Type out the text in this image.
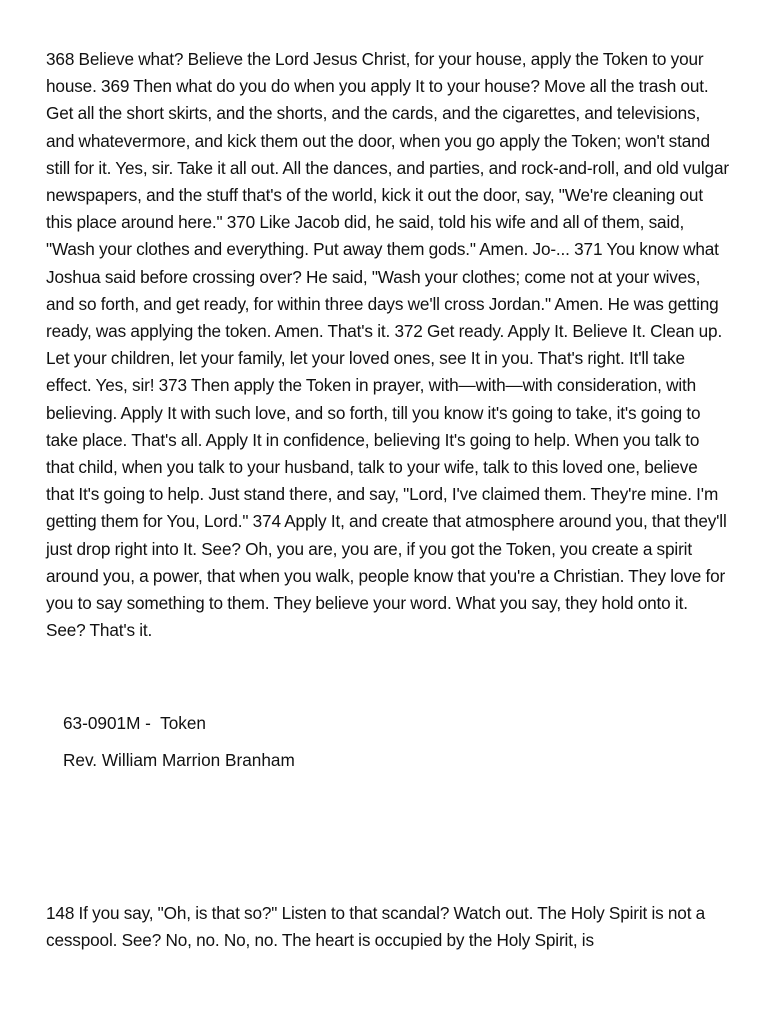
368 Believe what? Believe the Lord Jesus Christ, for your house, apply the Token to your house. 369 Then what do you do when you apply It to your house? Move all the trash out. Get all the short skirts, and the shorts, and the cards, and the cigarettes, and televisions, and whatevermore, and kick them out the door, when you go apply the Token; won't stand still for it. Yes, sir. Take it all out. All the dances, and parties, and rock-and-roll, and old vulgar newspapers, and the stuff that's of the world, kick it out the door, say, "We're cleaning out this place around here." 370 Like Jacob did, he said, told his wife and all of them, said, "Wash your clothes and everything. Put away them gods." Amen. Jo-... 371 You know what Joshua said before crossing over? He said, "Wash your clothes; come not at your wives, and so forth, and get ready, for within three days we'll cross Jordan." Amen. He was getting ready, was applying the token. Amen. That's it. 372 Get ready. Apply It. Believe It. Clean up. Let your children, let your family, let your loved ones, see It in you. That's right. It'll take effect. Yes, sir! 373 Then apply the Token in prayer, with—with—with consideration, with believing. Apply It with such love, and so forth, till you know it's going to take, it's going to take place. That's all. Apply It in confidence, believing It's going to help. When you talk to that child, when you talk to your husband, talk to your wife, talk to this loved one, believe that It's going to help. Just stand there, and say, "Lord, I've claimed them. They're mine. I'm getting them for You, Lord." 374 Apply It, and create that atmosphere around you, that they'll just drop right into It. See? Oh, you are, you are, if you got the Token, you create a spirit around you, a power, that when you walk, people know that you're a Christian. They love for you to say something to them. They believe your word. What you say, they hold onto it. See? That's it.

63-0901M -  Token

Rev. William Marrion Branham

148 If you say, "Oh, is that so?" Listen to that scandal? Watch out. The Holy Spirit is not a cesspool. See? No, no. No, no. The heart is occupied by the Holy Spirit, is
